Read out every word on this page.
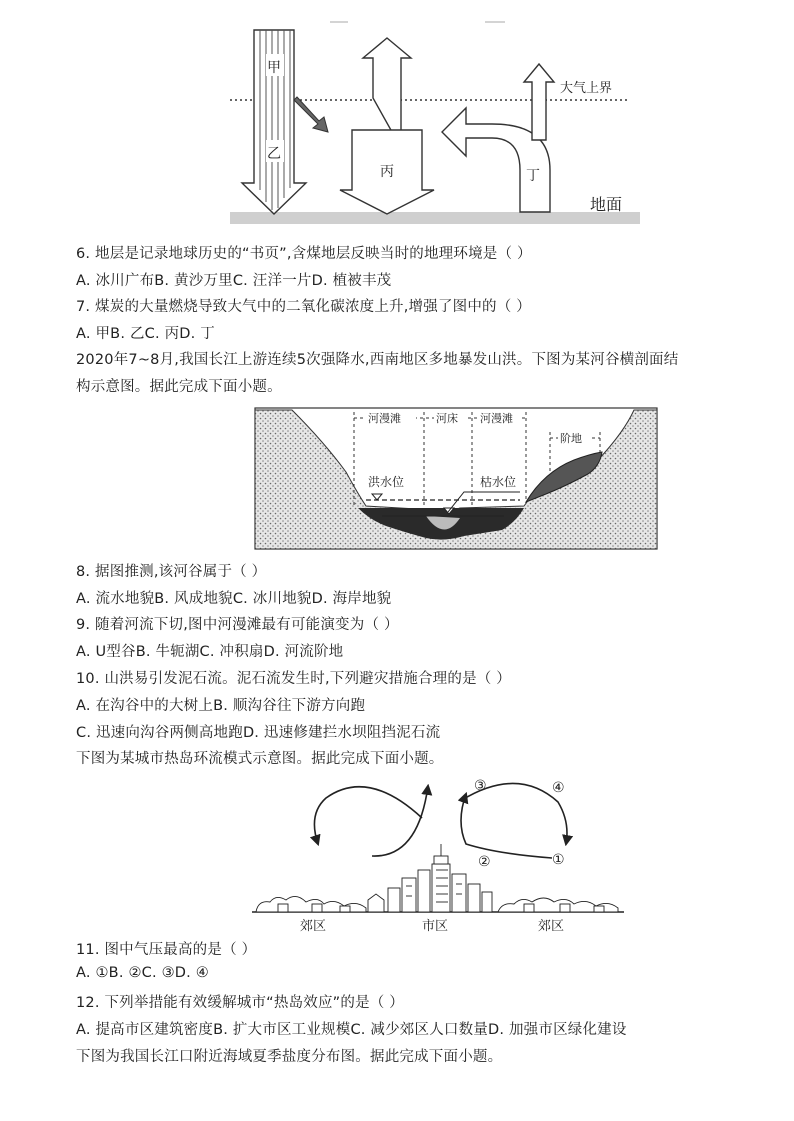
甲
乙
丙	丁
大气上界
地面
6. 地层是记录地球历史的“书页”,含煤地层反映当时的地理环境是（ ）
A. 冰川广布B. 黄沙万里C. 汪洋一片D. 植被丰茂
7. 煤炭的大量燃烧导致大气中的二氧化碳浓度上升,增强了图中的（ ）
A. 甲B. 乙C. 丙D. 丁
2020年7~8月,我国长江上游连续5次强降水,西南地区多地暴发山洪。下图为某河谷横剖面结
构示意图。据此完成下面小题。
河漫滩	河床 河漫滩
阶地
洪水位	枯水位
8. 据图推测,该河谷属于（ ）
A. 流水地貌B. 风成地貌C. 冰川地貌D. 海岸地貌
9. 随着河流下切,图中河漫滩最有可能演变为（ ）
A. U型谷B. 牛轭湖C. 冲积扇D. 河流阶地
10. 山洪易引发泥石流。泥石流发生时,下列避灾措施合理的是（ ）
A. 在沟谷中的大树上B. 顺沟谷往下游方向跑
C. 迅速向沟谷两侧高地跑D. 迅速修建拦水坝阻挡泥石流
下图为某城市热岛环流模式示意图。据此完成下面小题。
①
②
③	④
郊区	市区	郊区
11. 图中气压最高的是（ ）
A. ①B. ②C. ③D. ④
12. 下列举措能有效缓解城市“热岛效应”的是（ ）
A. 提高市区建筑密度B. 扩大市区工业规模C. 减少郊区人口数量D. 加强市区绿化建设
下图为我国长江口附近海域夏季盐度分布图。据此完成下面小题。
